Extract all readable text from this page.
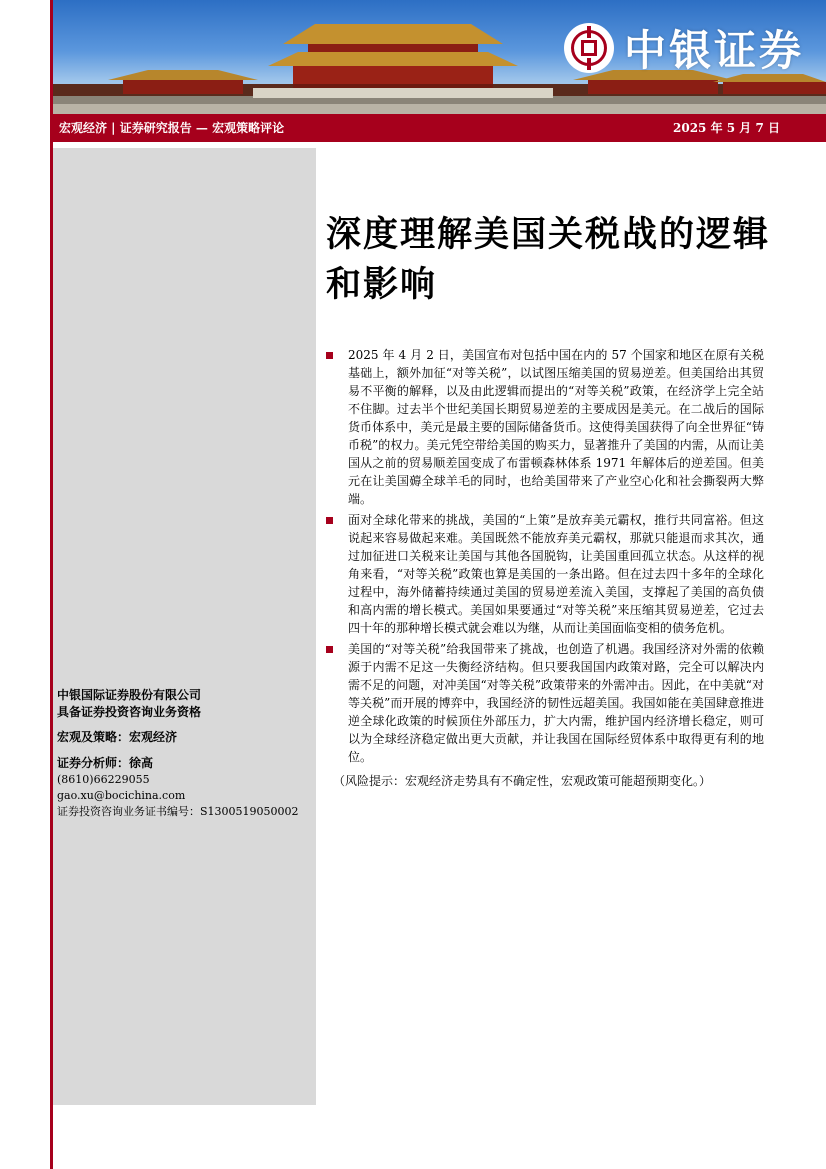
中银证券
宏观经济 | 证券研究报告 — 宏观策略评论	2025 年 5 月 7 日
中银国际证券股份有限公司
具备证券投资咨询业务资格
宏观及策略：宏观经济
证券分析师：徐高
(8610)66229055
gao.xu@bocichina.com
证券投资咨询业务证书编号：S1300519050002
深度理解美国关税战的逻辑和影响
2025 年 4 月 2 日，美国宣布对包括中国在内的 57 个国家和地区在原有关税基础上，额外加征“对等关税”，以试图压缩美国的贸易逆差。但美国给出其贸易不平衡的解释，以及由此逻辑而提出的“对等关税”政策，在经济学上完全站不住脚。过去半个世纪美国长期贸易逆差的主要成因是美元。在二战后的国际货币体系中，美元是最主要的国际储备货币。这使得美国获得了向全世界征“铸币税”的权力。美元凭空带给美国的购买力，显著推升了美国的内需，从而让美国从之前的贸易顺差国变成了布雷顿森林体系 1971 年解体后的逆差国。但美元在让美国薅全球羊毛的同时，也给美国带来了产业空心化和社会撕裂两大弊端。
面对全球化带来的挑战，美国的“上策”是放弃美元霸权，推行共同富裕。但这说起来容易做起来难。美国既然不能放弃美元霸权，那就只能退而求其次，通过加征进口关税来让美国与其他各国脱钩，让美国重回孤立状态。从这样的视角来看，“对等关税”政策也算是美国的一条出路。但在过去四十多年的全球化过程中，海外储蓄持续通过美国的贸易逆差流入美国，支撑起了美国的高负债和高内需的增长模式。美国如果要通过“对等关税”来压缩其贸易逆差，它过去四十年的那种增长模式就会难以为继，从而让美国面临变相的债务危机。
美国的“对等关税”给我国带来了挑战，也创造了机遇。我国经济对外需的依赖源于内需不足这一失衡经济结构。但只要我国国内政策对路，完全可以解决内需不足的问题，对冲美国“对等关税”政策带来的外需冲击。因此，在中美就“对等关税”而开展的博弈中，我国经济的韧性远超美国。我国如能在美国肆意推进逆全球化政策的时候顶住外部压力，扩大内需，维护国内经济增长稳定，则可以为全球经济稳定做出更大贡献，并让我国在国际经贸体系中取得更有利的地位。
（风险提示：宏观经济走势具有不确定性，宏观政策可能超预期变化。）
